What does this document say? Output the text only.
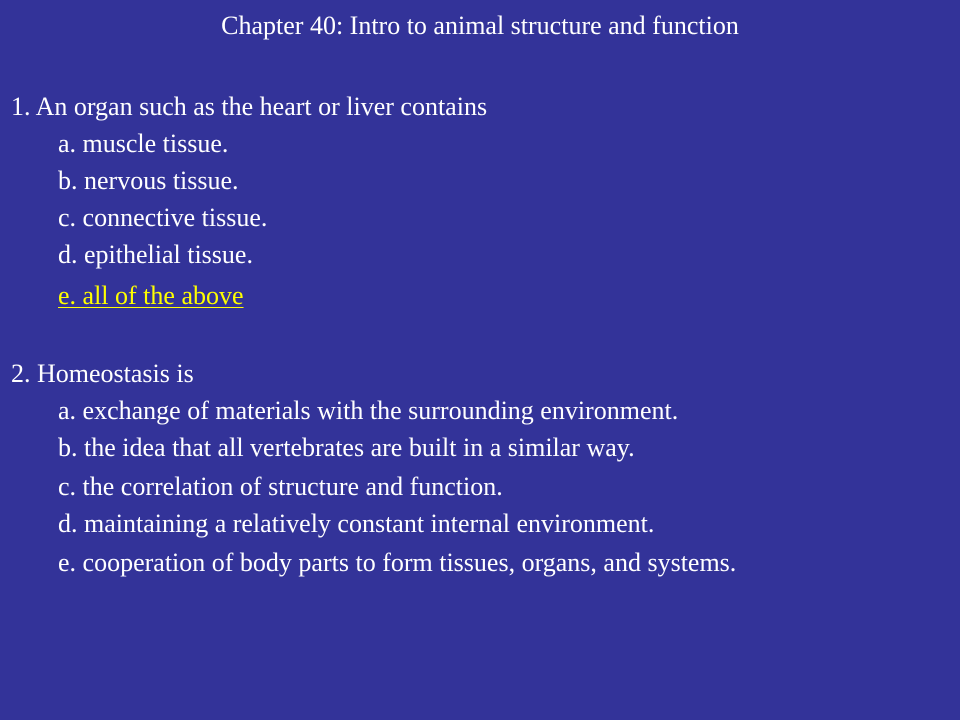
Chapter 40: Intro to animal structure and function
1. An organ such as the heart or liver contains
a. muscle tissue.
b. nervous tissue.
c. connective tissue.
d. epithelial tissue.
e. all of the above
2. Homeostasis is
a. exchange of materials with the surrounding environment.
b. the idea that all vertebrates are built in a similar way.
c. the correlation of structure and function.
d. maintaining a relatively constant internal environment.
e. cooperation of body parts to form tissues, organs, and systems.
